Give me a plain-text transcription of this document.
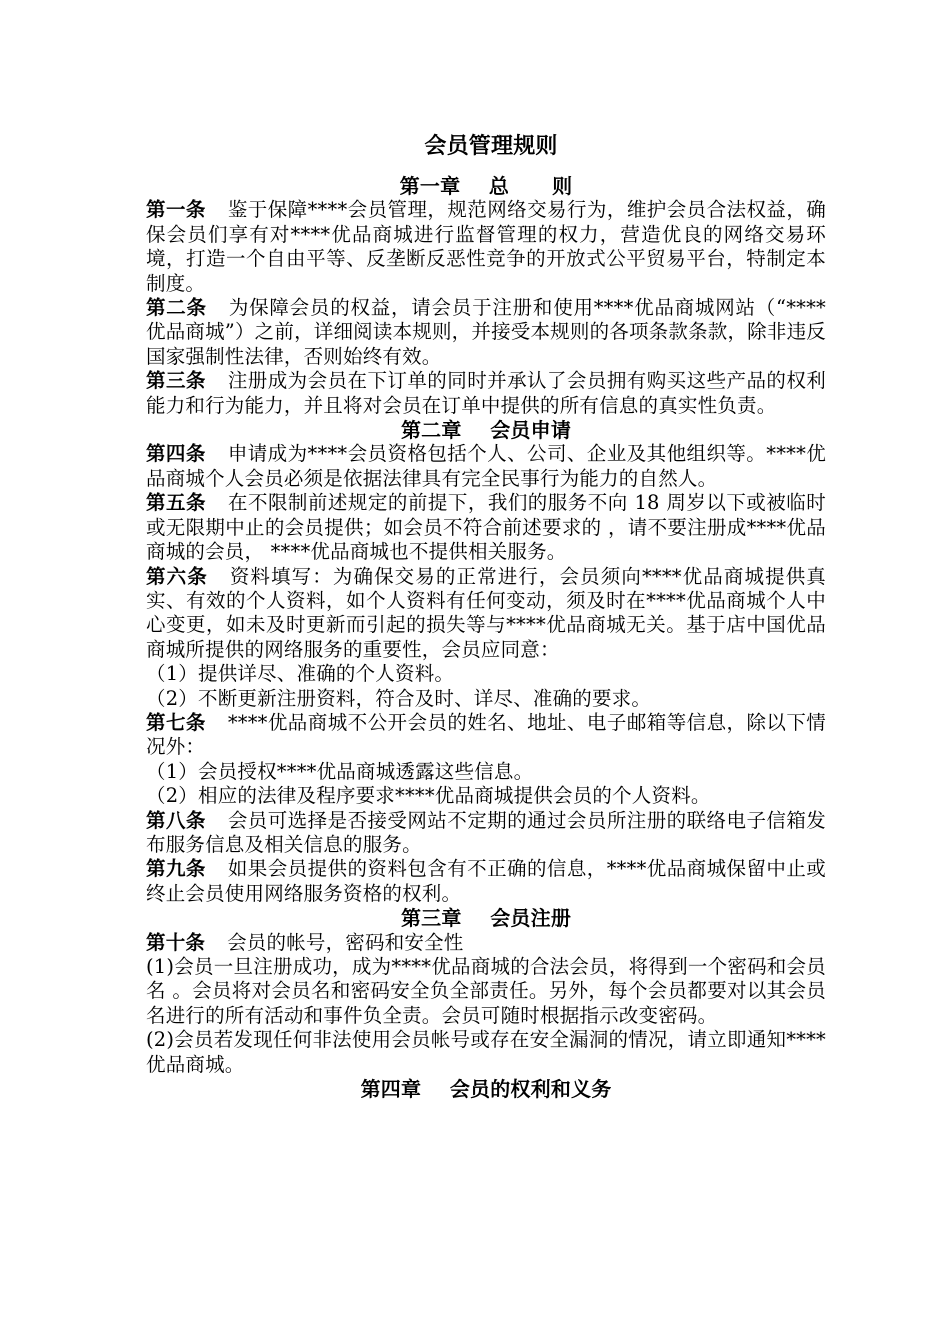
会员管理规则
第一章    总      则

第一条 鉴于保障****会员管理，规范网络交易行为，维护会员合法权益，确保会员们享有对****优品商城进行监督管理的权力，营造优良的网络交易环境，打造一个自由平等、反垄断反恶性竞争的开放式公平贸易平台，特制定本制度。

第二条 为保障会员的权益，请会员于注册和使用****优品商城网站（“****优品商城”）之前，详细阅读本规则，并接受本规则的各项条款条款，除非违反国家强制性法律，否则始终有效。

第三条 注册成为会员在下订单的同时并承认了会员拥有购买这些产品的权利能力和行为能力，并且将对会员在订单中提供的所有信息的真实性负责。

第二章    会员申请

第四条 申请成为****会员资格包括个人、公司、企业及其他组织等。****优品商城个人会员必须是依据法律具有完全民事行为能力的自然人。

第五条 在不限制前述规定的前提下，我们的服务不向 18 周岁以下或被临时或无限期中止的会员提供；如会员不符合前述要求的 ，请不要注册成****优品商城的会员， ****优品商城也不提供相关服务。

第六条 资料填写：为确保交易的正常进行，会员须向****优品商城提供真实、有效的个人资料，如个人资料有任何变动，须及时在****优品商城个人中心变更，如未及时更新而引起的损失等与****优品商城无关。基于店中国优品商城所提供的网络服务的重要性，会员应同意：

（1）提供详尽、准确的个人资料。

（2）不断更新注册资料，符合及时、详尽、准确的要求。

第七条 ****优品商城不公开会员的姓名、地址、电子邮箱等信息，除以下情况外：

（1）会员授权****优品商城透露这些信息。

（2）相应的法律及程序要求****优品商城提供会员的个人资料。

第八条 会员可选择是否接受网站不定期的通过会员所注册的联络电子信箱发布服务信息及相关信息的服务。

第九条 如果会员提供的资料包含有不正确的信息，****优品商城保留中止或终止会员使用网络服务资格的权利。

第三章    会员注册

第十条 会员的帐号，密码和安全性

(1)会员一旦注册成功，成为****优品商城的合法会员，将得到一个密码和会员名 。会员将对会员名和密码安全负全部责任。另外，每个会员都要对以其会员名进行的所有活动和事件负全责。会员可随时根据指示改变密码。

(2)会员若发现任何非法使用会员帐号或存在安全漏洞的情况，请立即通知****优品商城。

第四章    会员的权利和义务
